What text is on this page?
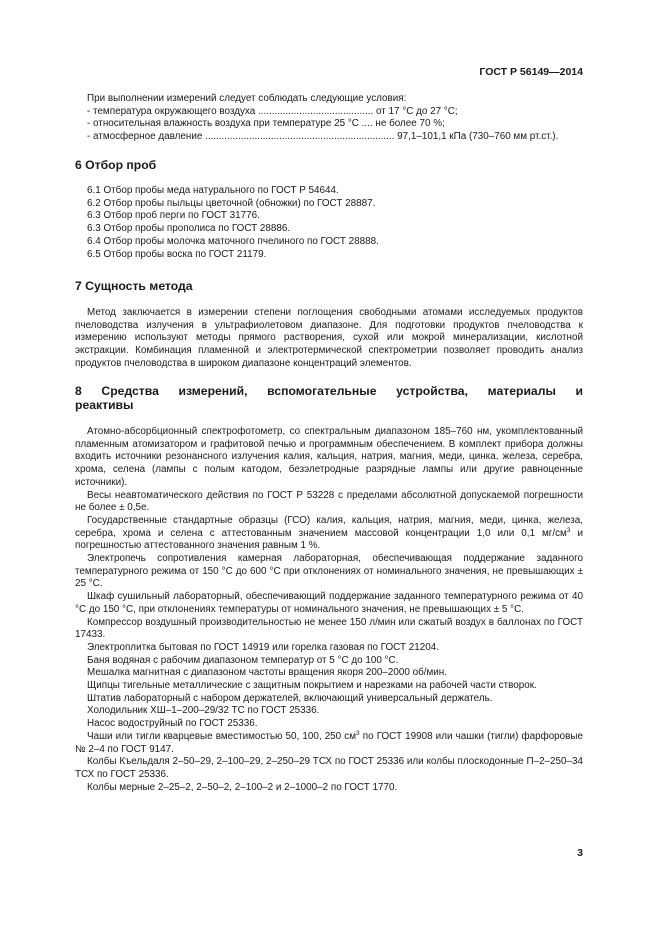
ГОСТ Р 56149—2014
При выполнении измерений следует соблюдать следующие условия:
- температура окружающего воздуха .......................................... от 17 °С до 27 °С;
- относительная влажность воздуха при температуре 25 °С .... не более 70 %;
- атмосферное давление ..................................................................... 97,1–101,1 кПа (730–760 мм рт.ст.).
6 Отбор проб
6.1 Отбор пробы меда натурального по ГОСТ Р 54644.
6.2 Отбор пробы пыльцы цветочной (обножки) по ГОСТ 28887.
6.3 Отбор проб перги по ГОСТ 31776.
6.3 Отбор пробы прополиса по ГОСТ 28886.
6.4 Отбор пробы молочка маточного пчелиного по ГОСТ 28888.
6.5 Отбор пробы воска по ГОСТ 21179.
7 Сущность метода
Метод заключается в измерении степени поглощения свободными атомами исследуемых продуктов пчеловодства излучения в ультрафиолетовом диапазоне. Для подготовки продуктов пчеловодства к измерению используют методы прямого растворения, сухой или мокрой минерализации, кислотной экстракции. Комбинация пламенной и электротермической спектрометрии позволяет проводить анализ продуктов пчеловодства в широком диапазоне концентраций элементов.
8 Средства измерений, вспомогательные устройства, материалы и
реактивы
Атомно-абсорбционный спектрофотометр, со спектральным диапазоном 185–760 нм, укомплектованный пламенным атомизатором и графитовой печью и программным обеспечением. В комплект прибора должны входить источники резонансного излучения калия, кальция, натрия, магния, меди, цинка, железа, серебра, хрома, селена (лампы с полым катодом, безэлетродные разрядные лампы или другие равноценные источники).
Весы неавтоматического действия по ГОСТ Р 53228 с пределами абсолютной допускаемой погрешности не более ± 0,5е.
Государственные стандартные образцы (ГСО) калия, кальция, натрия, магния, меди, цинка, железа, серебра, хрома и селена с аттестованным значением массовой концентрации 1,0 или 0,1 $мг/см^3$ и погрешностью аттестованного значения равным 1 %.
Электропечь сопротивления камерная лабораторная, обеспечивающая поддержание заданного температурного режима от 150 °С до 600 °С при отклонениях от номинального значения, не превышающих ± 25 °С.
Шкаф сушильный лабораторный, обеспечивающий поддержание заданного температурного режима от 40 °С до 150 °С, при отклонениях температуры от номинального значения, не превышающих ± 5 °С.
Компрессор воздушный производительностью не менее 150 л/мин или сжатый воздух в баллонах по ГОСТ 17433.
Электроплитка бытовая по ГОСТ 14919 или горелка газовая по ГОСТ 21204.
Баня водяная с рабочим диапазоном температур от 5 °С до 100 °С.
Мешалка магнитная с диапазоном частоты вращения якоря 200–2000 об/мин.
Щипцы тигельные металлические с защитным покрытием и нарезками на рабочей части створок.
Штатив лабораторный с набором держателей, включающий универсальный держатель.
Холодильник ХШ–1–200–29/32 ТС по ГОСТ 25336.
Насос водоструйный по ГОСТ 25336.
Чаши или тигли кварцевые вместимостью 50, 100, 250 $см^3$ по ГОСТ 19908 или чашки (тигли) фарфоровые № 2–4 по ГОСТ 9147.
Колбы Къельдаля 2–50–29, 2–100–29, 2–250–29 ТСХ по ГОСТ 25336 или колбы плоскодонные П–2–250–34 ТСХ по ГОСТ 25336.
Колбы мерные 2–25–2, 2–50–2, 2–100–2 и 2–1000–2 по ГОСТ 1770.
3
